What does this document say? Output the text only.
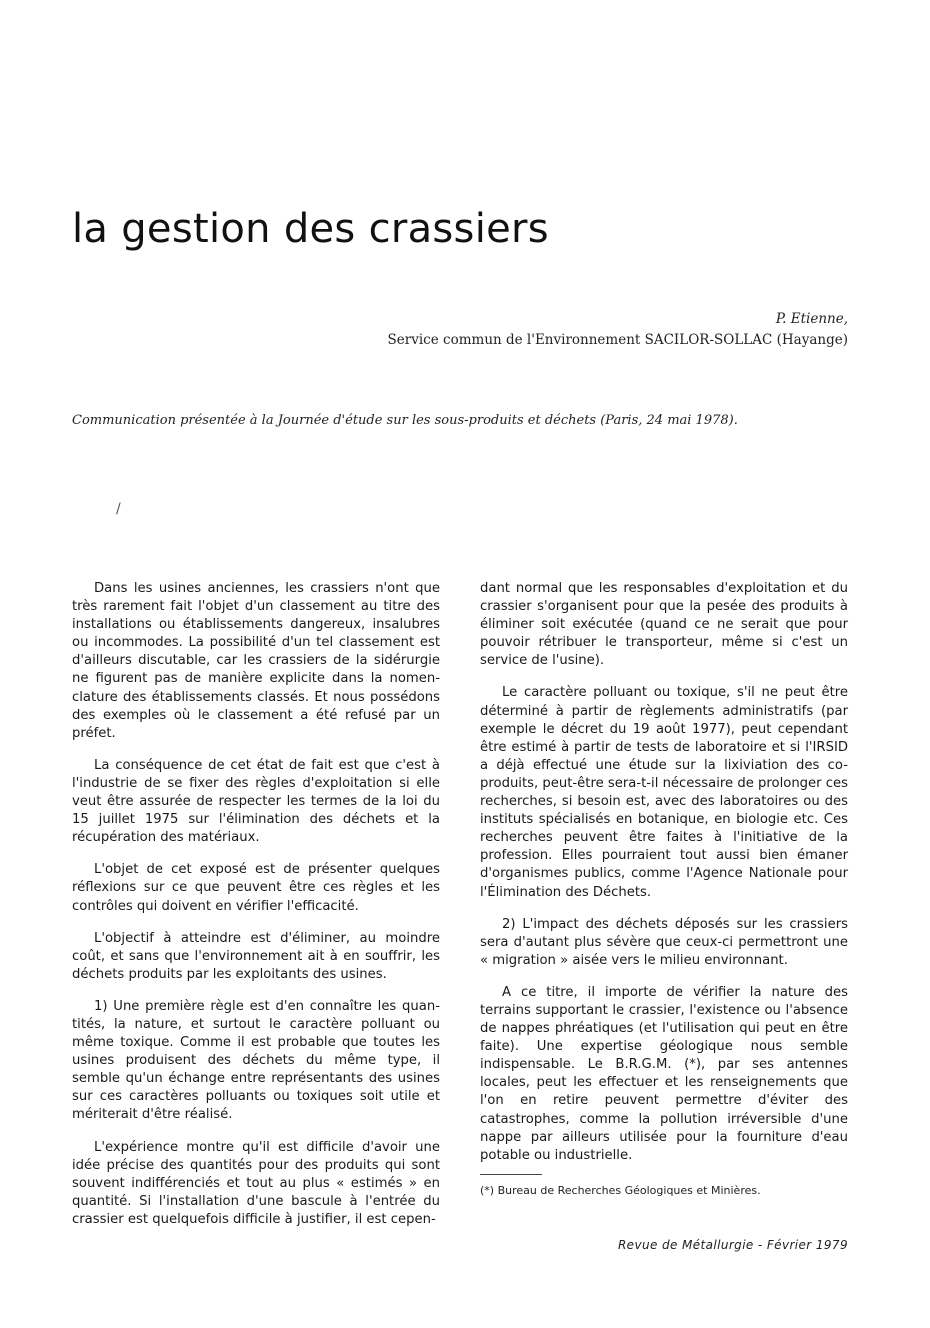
la gestion des crassiers
P. Etienne,
Service commun de l'Environnement SACILOR-SOLLAC (Hayange)
Communication présentée à la Journée d'étude sur les sous-produits et déchets (Paris, 24 mai 1978).
/

Dans les usines anciennes, les crassiers n'ont que très rarement fait l'objet d'un classement au titre des installations ou établissements dangereux, insalubres ou incommodes. La possibilité d'un tel classement est d'ailleurs discutable, car les crassiers de la sidérurgie ne figurent pas de manière explicite dans la nomenclature des établissements classés. Et nous possédons des exemples où le classement a été refusé par un préfet.

La conséquence de cet état de fait est que c'est à l'industrie de se fixer des règles d'exploitation si elle veut être assurée de respecter les termes de la loi du 15 juillet 1975 sur l'élimination des déchets et la récupération des matériaux.

L'objet de cet exposé est de présenter quelques réflexions sur ce que peuvent être ces règles et les contrôles qui doivent en vérifier l'efficacité.

L'objectif à atteindre est d'éliminer, au moindre coût, et sans que l'environnement ait à en souffrir, les déchets produits par les exploitants des usines.

1) Une première règle est d'en connaître les quantités, la nature, et surtout le caractère polluant ou même toxique. Comme il est probable que toutes les usines produisent des déchets du même type, il semble qu'un échange entre représentants des usines sur ces caractères polluants ou toxiques soit utile et mériterait d'être réalisé.

L'expérience montre qu'il est difficile d'avoir une idée précise des quantités pour des produits qui sont souvent indifférenciés et tout au plus « estimés » en quantité. Si l'installation d'une bascule à l'entrée du crassier est quelquefois difficile à justifier, il est cepen-

dant normal que les responsables d'exploitation et du crassier s'organisent pour que la pesée des produits à éliminer soit exécutée (quand ce ne serait que pour pouvoir rétribuer le transporteur, même si c'est un service de l'usine).

Le caractère polluant ou toxique, s'il ne peut être déterminé à partir de règlements administratifs (par exemple le décret du 19 août 1977), peut cependant être estimé à partir de tests de laboratoire et si l'IRSID a déjà effectué une étude sur la lixiviation des co-produits, peut-être sera-t-il nécessaire de prolonger ces recherches, si besoin est, avec des laboratoires ou des instituts spécialisés en botanique, en biologie etc. Ces recherches peuvent être faites à l'initiative de la profession. Elles pourraient tout aussi bien émaner d'organismes publics, comme l'Agence Nationale pour l'Élimination des Déchets.

2) L'impact des déchets déposés sur les crassiers sera d'autant plus sévère que ceux-ci permettront une « migration » aisée vers le milieu environnant.

A ce titre, il importe de vérifier la nature des terrains supportant le crassier, l'existence ou l'absence de nappes phréatiques (et l'utilisation qui peut en être faite). Une expertise géologique nous semble indispensable. Le B.R.G.M. (*), par ses antennes locales, peut les effectuer et les renseignements que l'on en retire peuvent permettre d'éviter des catastrophes, comme la pollution irréversible d'une nappe par ailleurs utilisée pour la fourniture d'eau potable ou industrielle.

(*) Bureau de Recherches Géologiques et Minières.
Revue de Métallurgie - Février 1979
